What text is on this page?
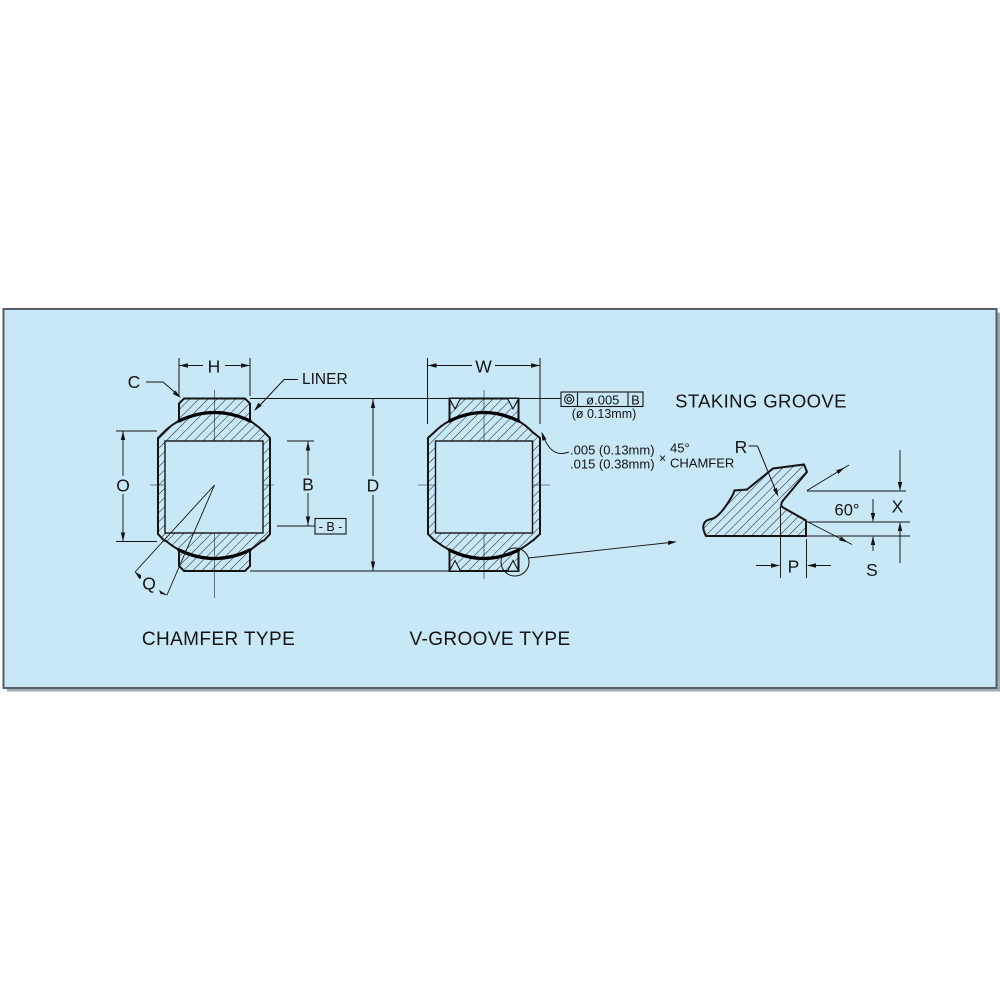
H
C	LINER
O	B
- B -
Q
D
W
ø.005 B
(ø 0.13mm)
.005 (0.13mm)
.015 (0.38mm) ×
45°
CHAMFER
STAKING GROOVE
60°
R
X
S
P
CHAMFER TYPE	V-GROOVE TYPE
